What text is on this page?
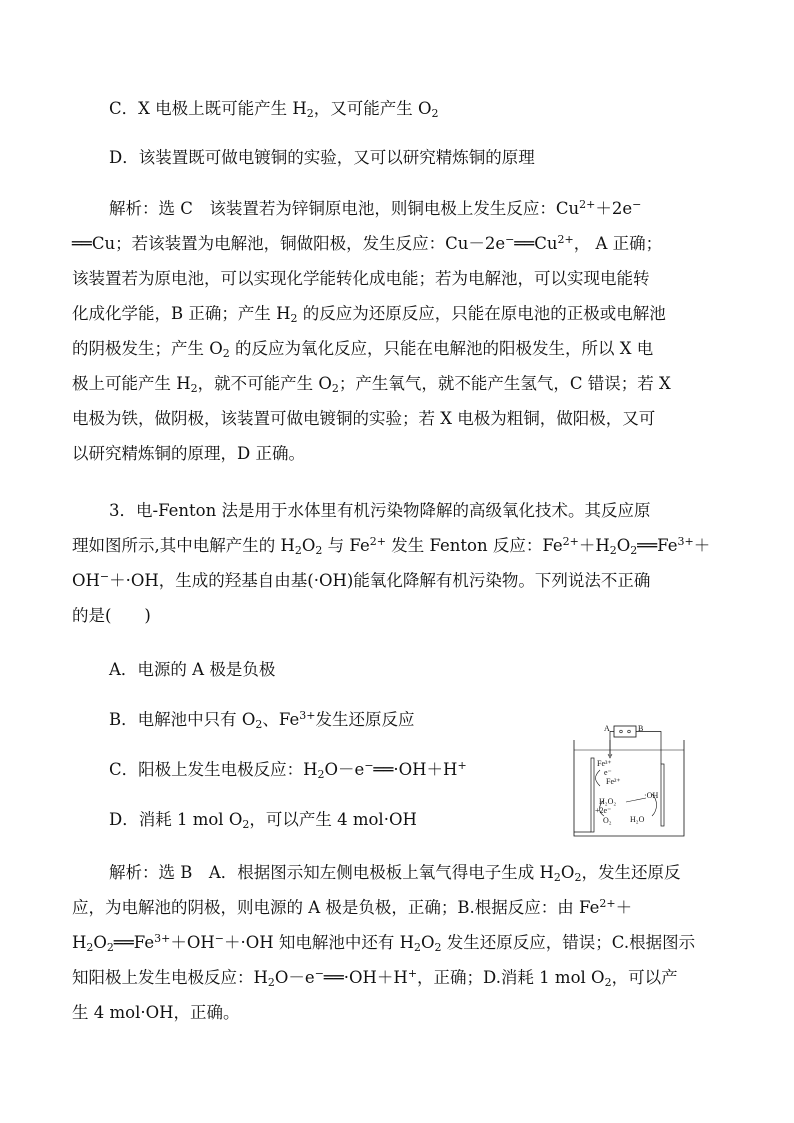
C．X 电极上既可能产生 $H_2$，又可能产生 $O_2$
D．该装置既可做电镀铜的实验，又可以研究精炼铜的原理
解析：选 C　该装置若为锌铜原电池，则铜电极上发生反应：$Cu^{2+}+2e^-$
══Cu；若该装置为电解池，铜做阳极，发生反应：$Cu-2e^-══Cu^{2+}$， A 正确；
该装置若为原电池，可以实现化学能转化成电能；若为电解池，可以实现电能转
化成化学能，B 正确；产生 $H_2$ 的反应为还原反应，只能在原电池的正极或电解池
的阴极发生；产生 $O_2$ 的反应为氧化反应，只能在电解池的阳极发生，所以 X 电
极上可能产生 $H_2$，就不可能产生 $O_2$；产生氧气，就不能产生氢气，C 错误；若 X
电极为铁，做阴极，该装置可做电镀铜的实验；若 X 电极为粗铜，做阳极，又可
以研究精炼铜的原理，D 正确。
3．电-Fenton 法是用于水体里有机污染物降解的高级氧化技术。其反应原
理如图所示,其中电解产生的 $H_2O_2$ 与 $Fe^{2+}$ 发生 Fenton 反应：$Fe^{2+}+H_2O_2══Fe^{3+}+$
OH−＋·OH，生成的羟基自由基(·OH)能氧化降解有机污染物。下列说法不正确
的是(　　)
A．电源的 A 极是负极
B．电解池中只有 $O_2$、$Fe^{3+}$发生还原反应
C．阳极上发生电极反应：$H_2O-e^-══\cdot OH+H^+$
D．消耗 1 mol $O_2$，可以产生 4 mol·OH
A	B
Fe³⁺
e⁻
Fe²⁺
H₂O₂
+2e⁻
O₂
·OH
H₂O
解析：选 B　A．根据图示知左侧电极板上氧气得电子生成 $H_2O_2$，发生还原反
应，为电解池的阴极，则电源的 A 极是负极，正确；B.根据反应：由 $Fe^{2+}+$
$H_2O_2══Fe^{3+}+OH^-+\cdot OH$ 知电解池中还有 $H_2O_2$ 发生还原反应，错误；C.根据图示
知阳极上发生电极反应：$H_2O-e^-══\cdot OH+H^+$，正确；D.消耗 1 mol $O_2$，可以产
生 4 mol·OH，正确。
